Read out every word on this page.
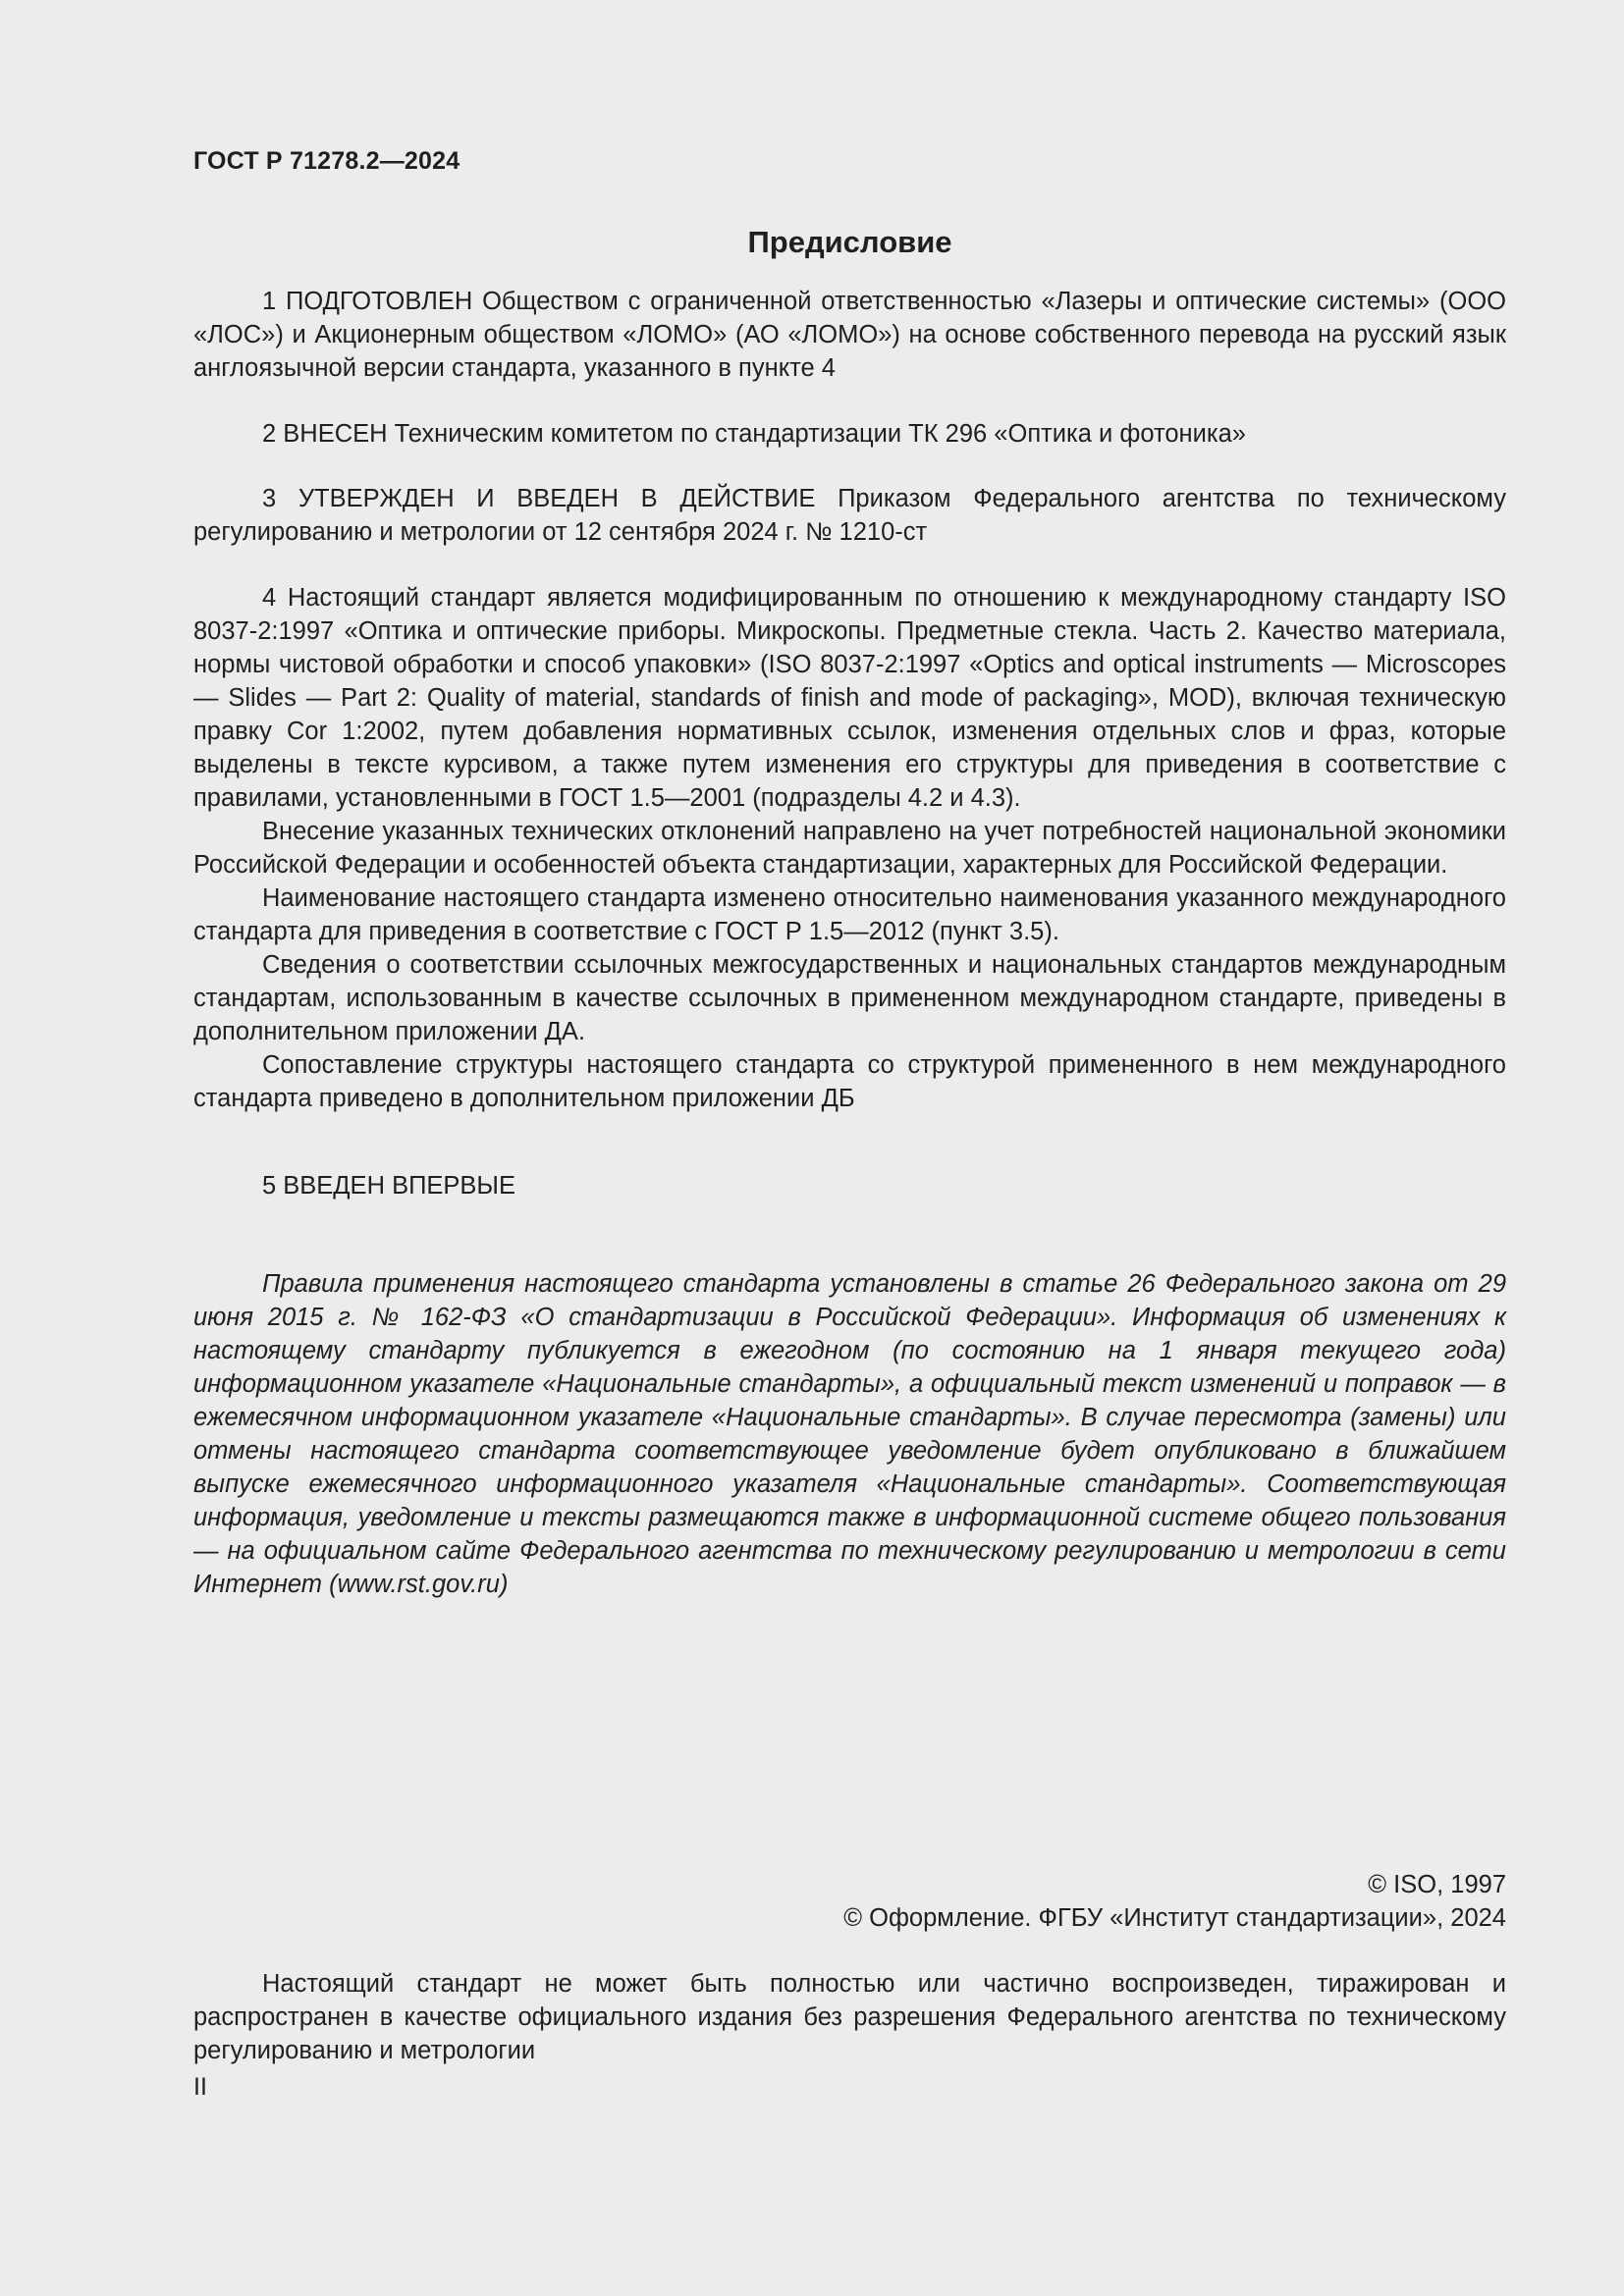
ГОСТ Р 71278.2—2024
Предисловие

1 ПОДГОТОВЛЕН Обществом с ограниченной ответственностью «Лазеры и оптические системы» (ООО «ЛОС») и Акционерным обществом «ЛОМО» (АО «ЛОМО») на основе собственного перевода на русский язык англоязычной версии стандарта, указанного в пункте 4

2 ВНЕСЕН Техническим комитетом по стандартизации ТК 296 «Оптика и фотоника»

3 УТВЕРЖДЕН И ВВЕДЕН В ДЕЙСТВИЕ Приказом Федерального агентства по техническому регулированию и метрологии от 12 сентября 2024 г. № 1210-ст

4 Настоящий стандарт является модифицированным по отношению к международному стандарту ISO 8037-2:1997 «Оптика и оптические приборы. Микроскопы. Предметные стекла. Часть 2. Качество материала, нормы чистовой обработки и способ упаковки» (ISO 8037-2:1997 «Optics and optical instruments — Microscopes — Slides — Part 2: Quality of material, standards of finish and mode of packaging», MOD), включая техническую правку Cor 1:2002, путем добавления нормативных ссылок, изменения отдельных слов и фраз, которые выделены в тексте курсивом, а также путем изменения его структуры для приведения в соответствие с правилами, установленными в ГОСТ 1.5—2001 (подразделы 4.2 и 4.3).

Внесение указанных технических отклонений направлено на учет потребностей национальной экономики Российской Федерации и особенностей объекта стандартизации, характерных для Российской Федерации.

Наименование настоящего стандарта изменено относительно наименования указанного международного стандарта для приведения в соответствие с ГОСТ Р 1.5—2012 (пункт 3.5).

Сведения о соответствии ссылочных межгосударственных и национальных стандартов международным стандартам, использованным в качестве ссылочных в примененном международном стандарте, приведены в дополнительном приложении ДА.

Сопоставление структуры настоящего стандарта со структурой примененного в нем международного стандарта приведено в дополнительном приложении ДБ

5 ВВЕДЕН ВПЕРВЫЕ

Правила применения настоящего стандарта установлены в статье 26 Федерального закона от 29 июня 2015 г. № 162-ФЗ «О стандартизации в Российской Федерации». Информация об изменениях к настоящему стандарту публикуется в ежегодном (по состоянию на 1 января текущего года) информационном указателе «Национальные стандарты», а официальный текст изменений и поправок — в ежемесячном информационном указателе «Национальные стандарты». В случае пересмотра (замены) или отмены настоящего стандарта соответствующее уведомление будет опубликовано в ближайшем выпуске ежемесячного информационного указателя «Национальные стандарты». Соответствующая информация, уведомление и тексты размещаются также в информационной системе общего пользования — на официальном сайте Федерального агентства по техническому регулированию и метрологии в сети Интернет (www.rst.gov.ru)

© ISO, 1997
© Оформление. ФГБУ «Институт стандартизации», 2024

Настоящий стандарт не может быть полностью или частично воспроизведен, тиражирован и распространен в качестве официального издания без разрешения Федерального агентства по техническому регулированию и метрологии

II
